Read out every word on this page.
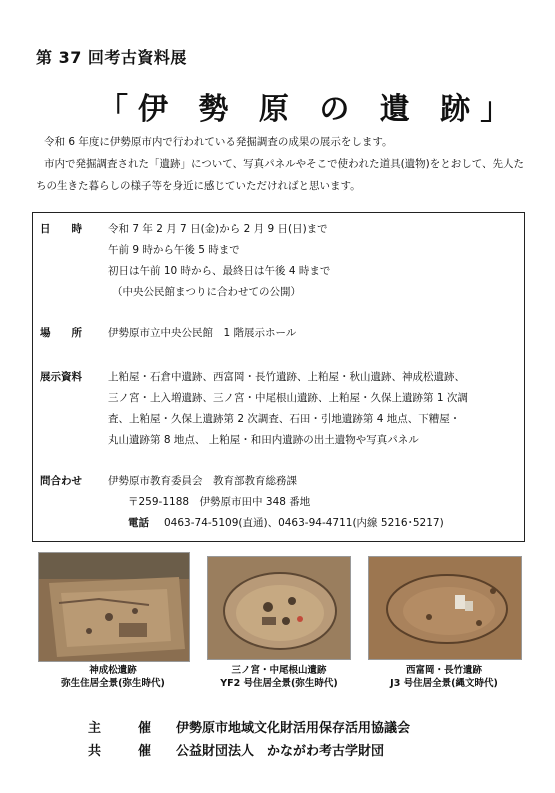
第 37 回考古資料展
「伊 勢 原 の 遺 跡」
令和 6 年度に伊勢原市内で行われている発掘調査の成果の展示をします。
市内で発掘調査された「遺跡」について、写真パネルやそこで使われた道具(遺物)をとおして、先人たちの生きた暮らしの様子等を身近に感じていただければと思います。
日　　時 令和 7 年 2 月 7 日(金)から 2 月 9 日(日)まで
午前 9 時から午後 5 時まで
初日は午前 10 時から、最終日は午後 4 時まで
（中央公民館まつりに合わせての公開）
場　　所 伊勢原市立中央公民館　1 階展示ホール
展示資料 上粕屋・石倉中遺跡、西富岡・長竹遺跡、上粕屋・秋山遺跡、神成松遺跡、
三ノ宮・上入増遺跡、三ノ宮・中尾根山遺跡、上粕屋・久保上遺跡第 1 次調
査、上粕屋・久保上遺跡第 2 次調査、石田・引地遺跡第 4 地点、下糟屋・
丸山遺跡第 8 地点、 上粕屋・和田内遺跡の出土遺物や写真パネル
問合わせ 伊勢原市教育委員会　教育部教育総務課
〒259-1188　伊勢原市田中 348 番地
電話 0463-74-5109(直通)、0463-94-4711(内線 5216･5217)
神成松遺跡
弥生住居全景(弥生時代)
三ノ宮・中尾根山遺跡
YF2 号住居全景(弥生時代)
西富岡・長竹遺跡
J3 号住居全景(縄文時代)
主　催 伊勢原市地域文化財活用保存活用協議会
共　催 公益財団法人　かながわ考古学財団
